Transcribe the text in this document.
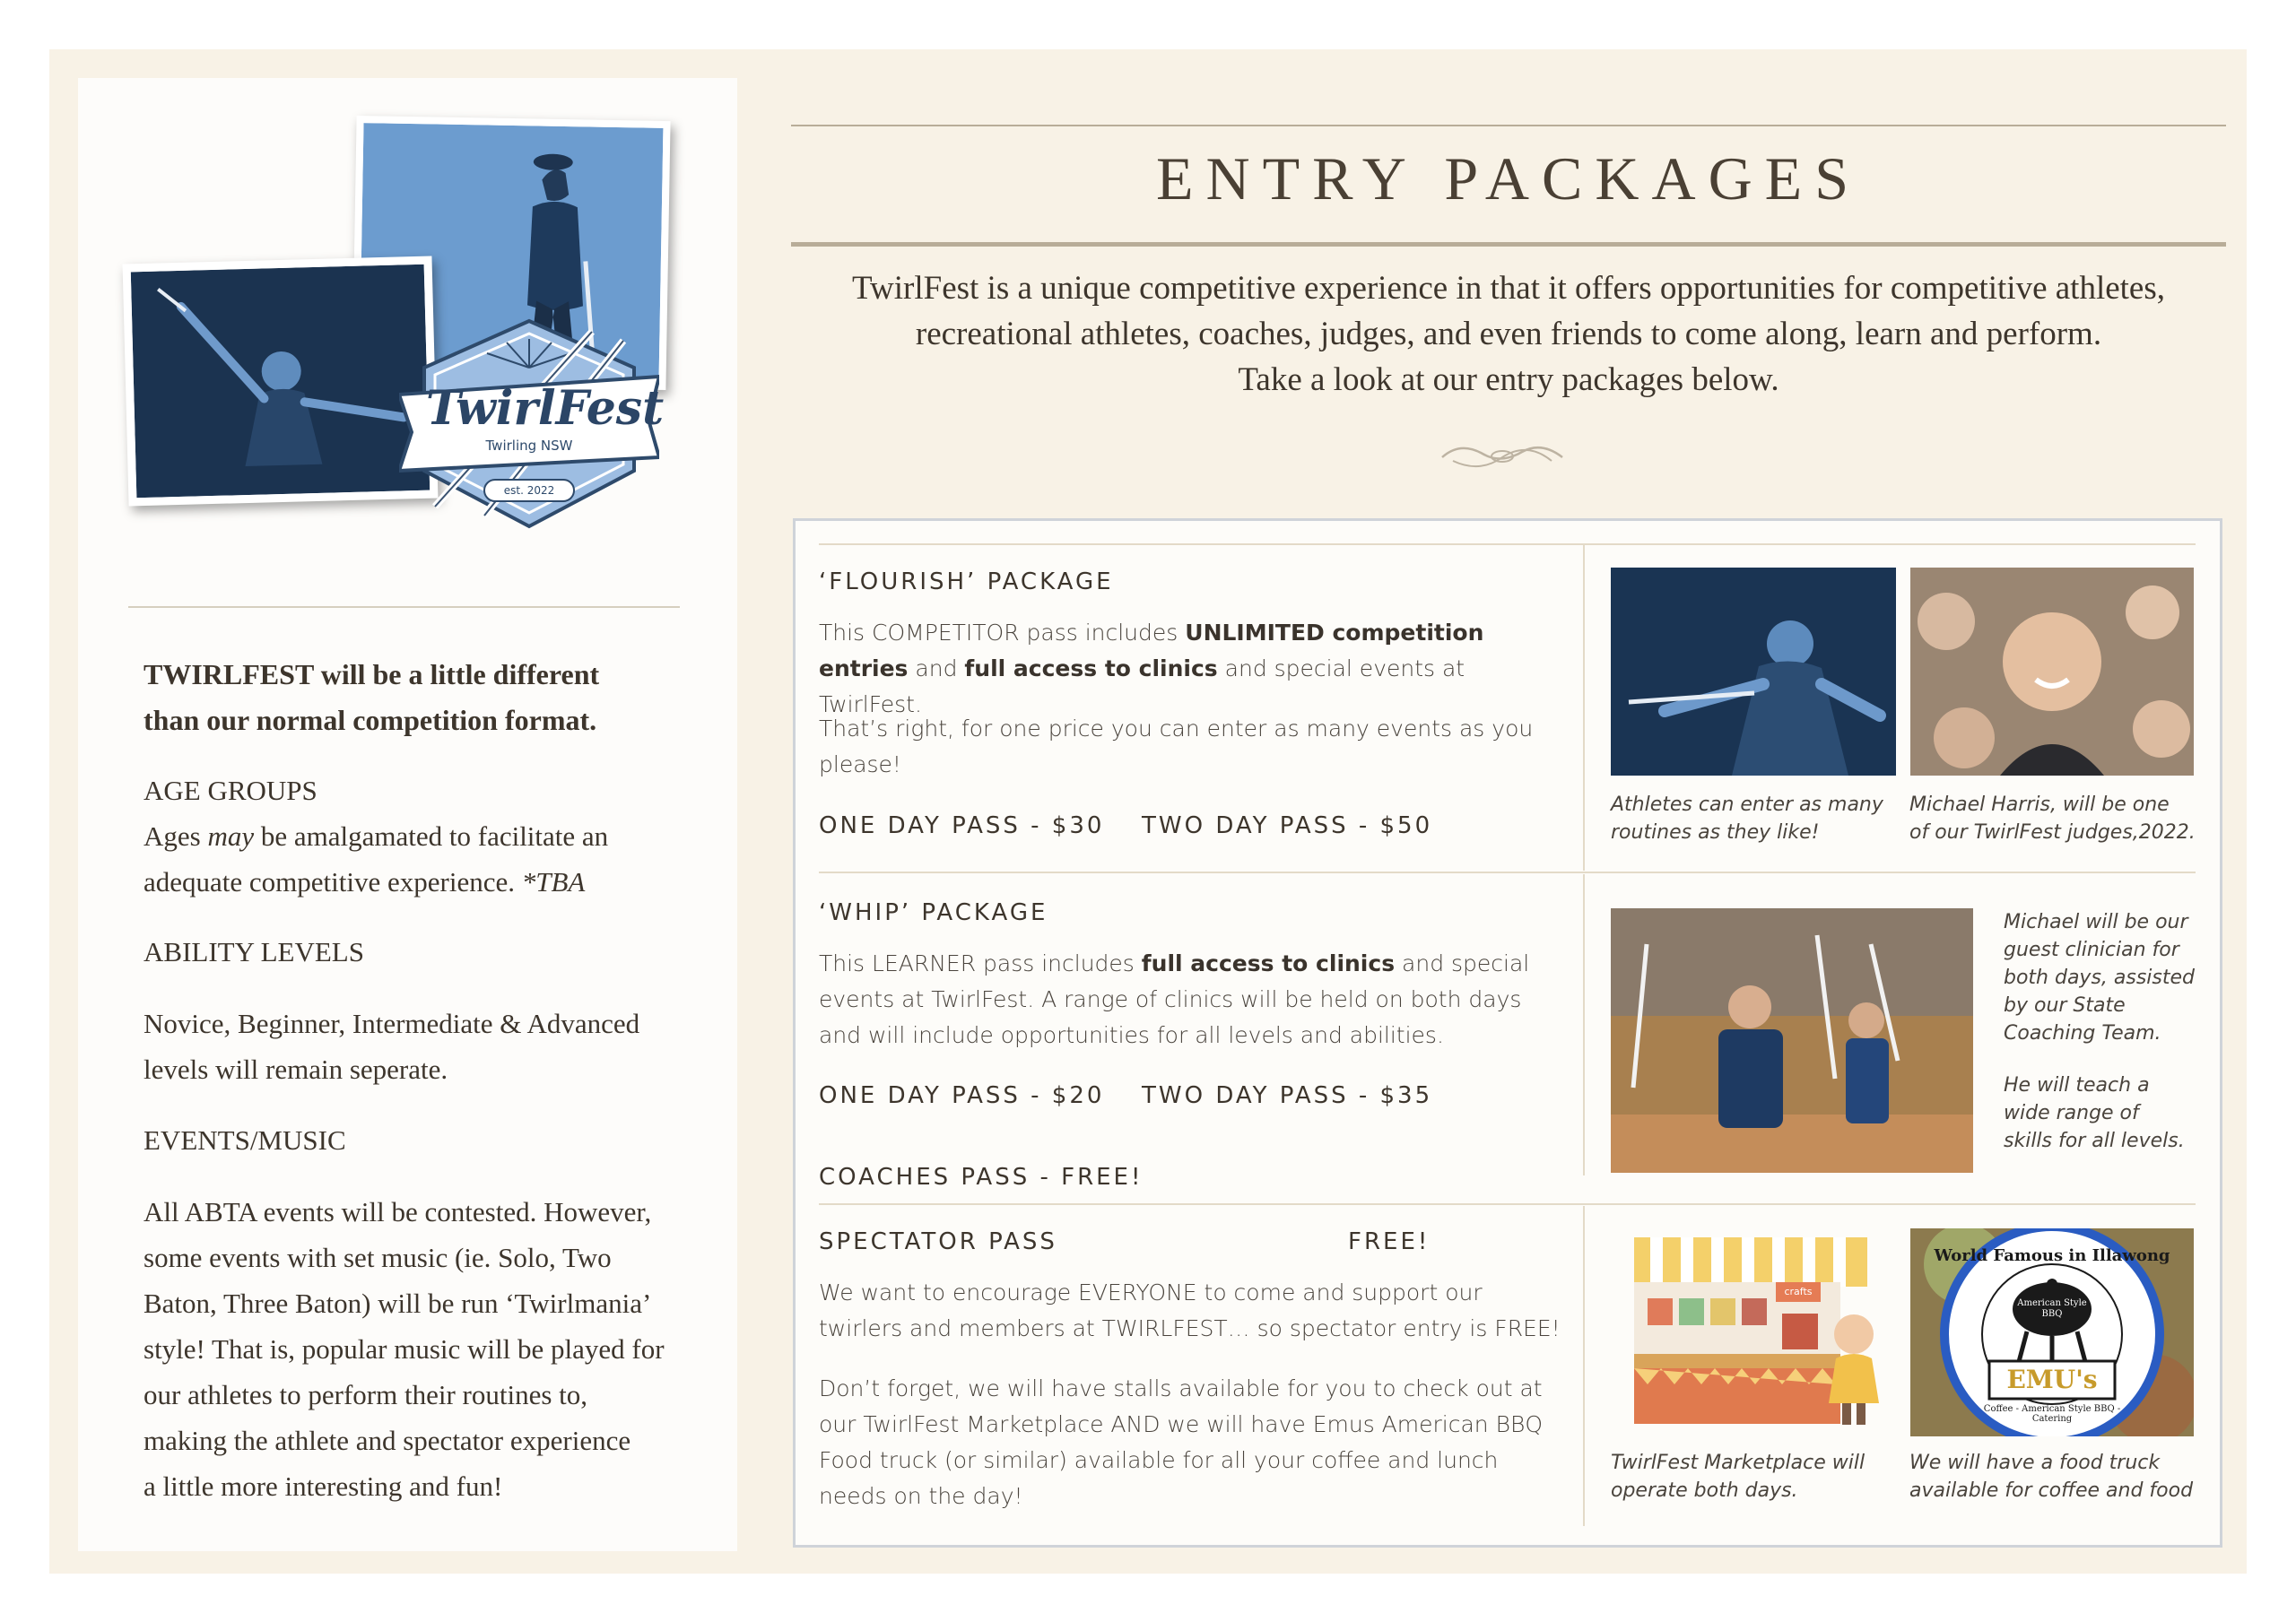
TwirlFest
Twirling NSW
est. 2022
TWIRLFEST will be a little different
than our normal competition format.
AGE GROUPS
Ages may be amalgamated to facilitate an
adequate competitive experience. *TBA
ABILITY LEVELS
Novice, Beginner, Intermediate & Advanced
levels will remain seperate.
EVENTS/MUSIC
All ABTA events will be contested. However,
some events with set music (ie. Solo, Two
Baton, Three Baton) will be run ‘Twirlmania’
style! That is, popular music will be played for
our athletes to perform their routines to,
making the athlete and spectator experience
a little more interesting and fun!
ENTRY PACKAGES
TwirlFest is a unique competitive experience in that it offers opportunities for competitive athletes,
recreational athletes, coaches, judges, and even friends to come along, learn and perform.
Take a look at our entry packages below.
‘FLOURISH’ PACKAGE
This COMPETITOR pass includes UNLIMITED competition
entries and full access to clinics and special events at TwirlFest.
That’s right, for one price you can enter as many events as you
please!
ONE DAY PASS - $30 TWO DAY PASS - $50
Athletes can enter as many
routines as they like!
Michael Harris, will be one
of our TwirlFest judges,2022.
‘WHIP’ PACKAGE
This LEARNER pass includes full access to clinics and special
events at TwirlFest. A range of clinics will be held on both days
and will include opportunities for all levels and abilities.
ONE DAY PASS - $20 TWO DAY PASS - $35
Michael will be our
guest clinician for
both days, assisted
by our State
Coaching Team.
He will teach a
wide range of
skills for all levels.
COACHES PASS - FREE!
SPECTATOR PASS	FREE!
We want to encourage EVERYONE to come and support our
twirlers and members at TWIRLFEST… so spectator entry is FREE!
Don’t forget, we will have stalls available for you to check out at
our TwirlFest Marketplace AND we will have Emus American BBQ
Food truck (or similar) available for all your coffee and lunch
needs on the day!
crafts
World Famous in Illawong
American Style BBQ
EMU's
Coffee - American Style BBQ - Catering
TwirlFest Marketplace will
operate both days.
We will have a food truck
available for coffee and food
